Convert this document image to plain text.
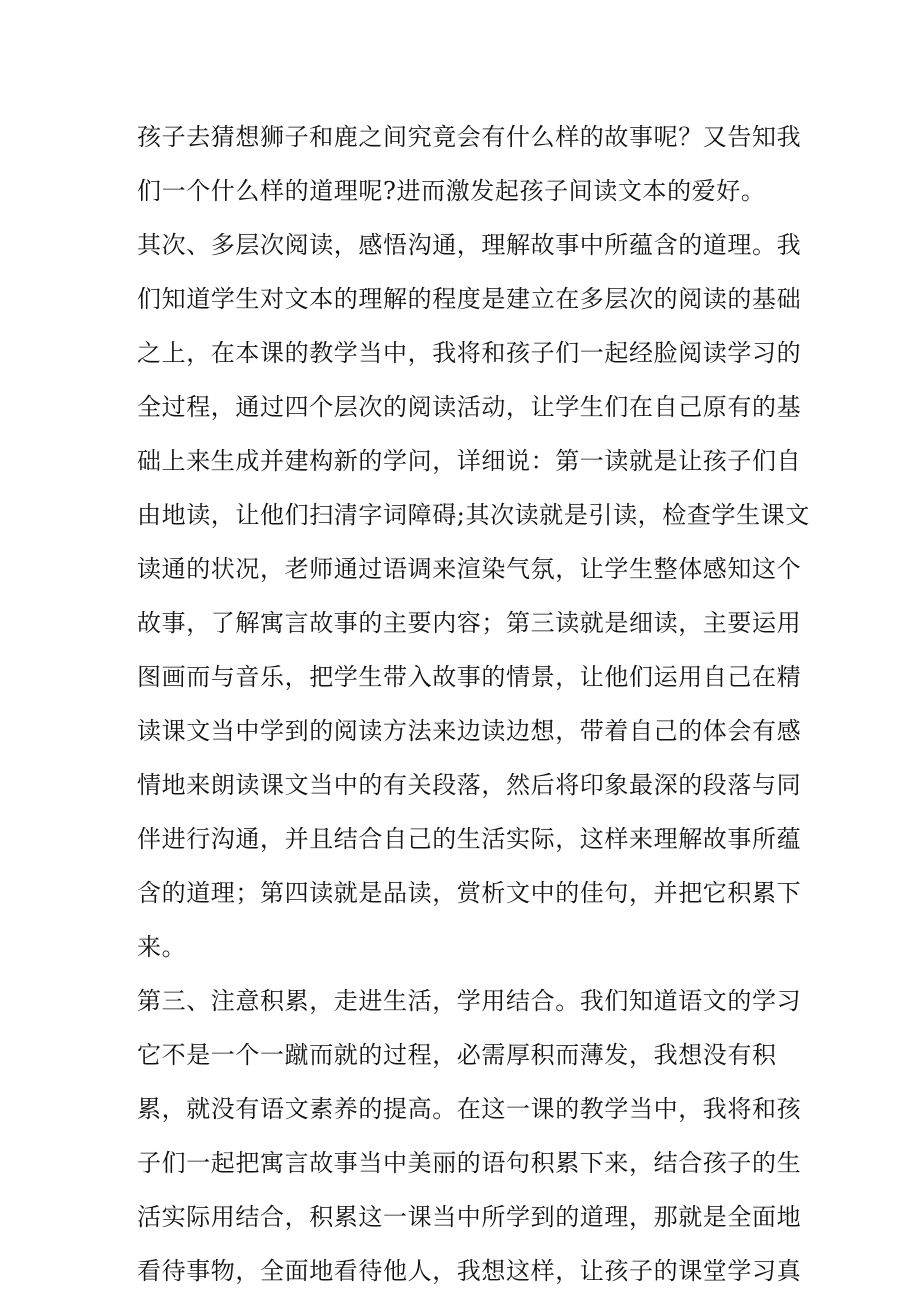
孩子去猜想狮子和鹿之间究竟会有什么样的故事呢？又告知我
们一个什么样的道理呢?进而激发起孩子间读文本的爱好。
其次、多层次阅读，感悟沟通，理解故事中所蕴含的道理。我
们知道学生对文本的理解的程度是建立在多层次的阅读的基础
之上，在本课的教学当中，我将和孩子们一起经脸阅读学习的
全过程，通过四个层次的阅读活动，让学生们在自己原有的基
础上来生成并建构新的学问，详细说：第一读就是让孩子们自
由地读，让他们扫清字词障碍;其次读就是引读，检查学生课文
读通的状况，老师通过语调来渲染气氛，让学生整体感知这个
故事，了解寓言故事的主要内容；第三读就是细读，主要运用
图画而与音乐，把学生带入故事的情景，让他们运用自己在精
读课文当中学到的阅读方法来边读边想，带着自己的体会有感
情地来朗读课文当中的有关段落，然后将印象最深的段落与同
伴进行沟通，并且结合自己的生活实际，这样来理解故事所蕴
含的道理；第四读就是品读，赏析文中的佳句，并把它积累下
来。
第三、注意积累，走进生活，学用结合。我们知道语文的学习
它不是一个一蹴而就的过程，必需厚积而薄发，我想没有积
累，就没有语文素养的提高。在这一课的教学当中，我将和孩
子们一起把寓言故事当中美丽的语句积累下来，结合孩子的生
活实际用结合，积累这一课当中所学到的道理，那就是全面地
看待事物，全面地看待他人，我想这样，让孩子的课堂学习真
